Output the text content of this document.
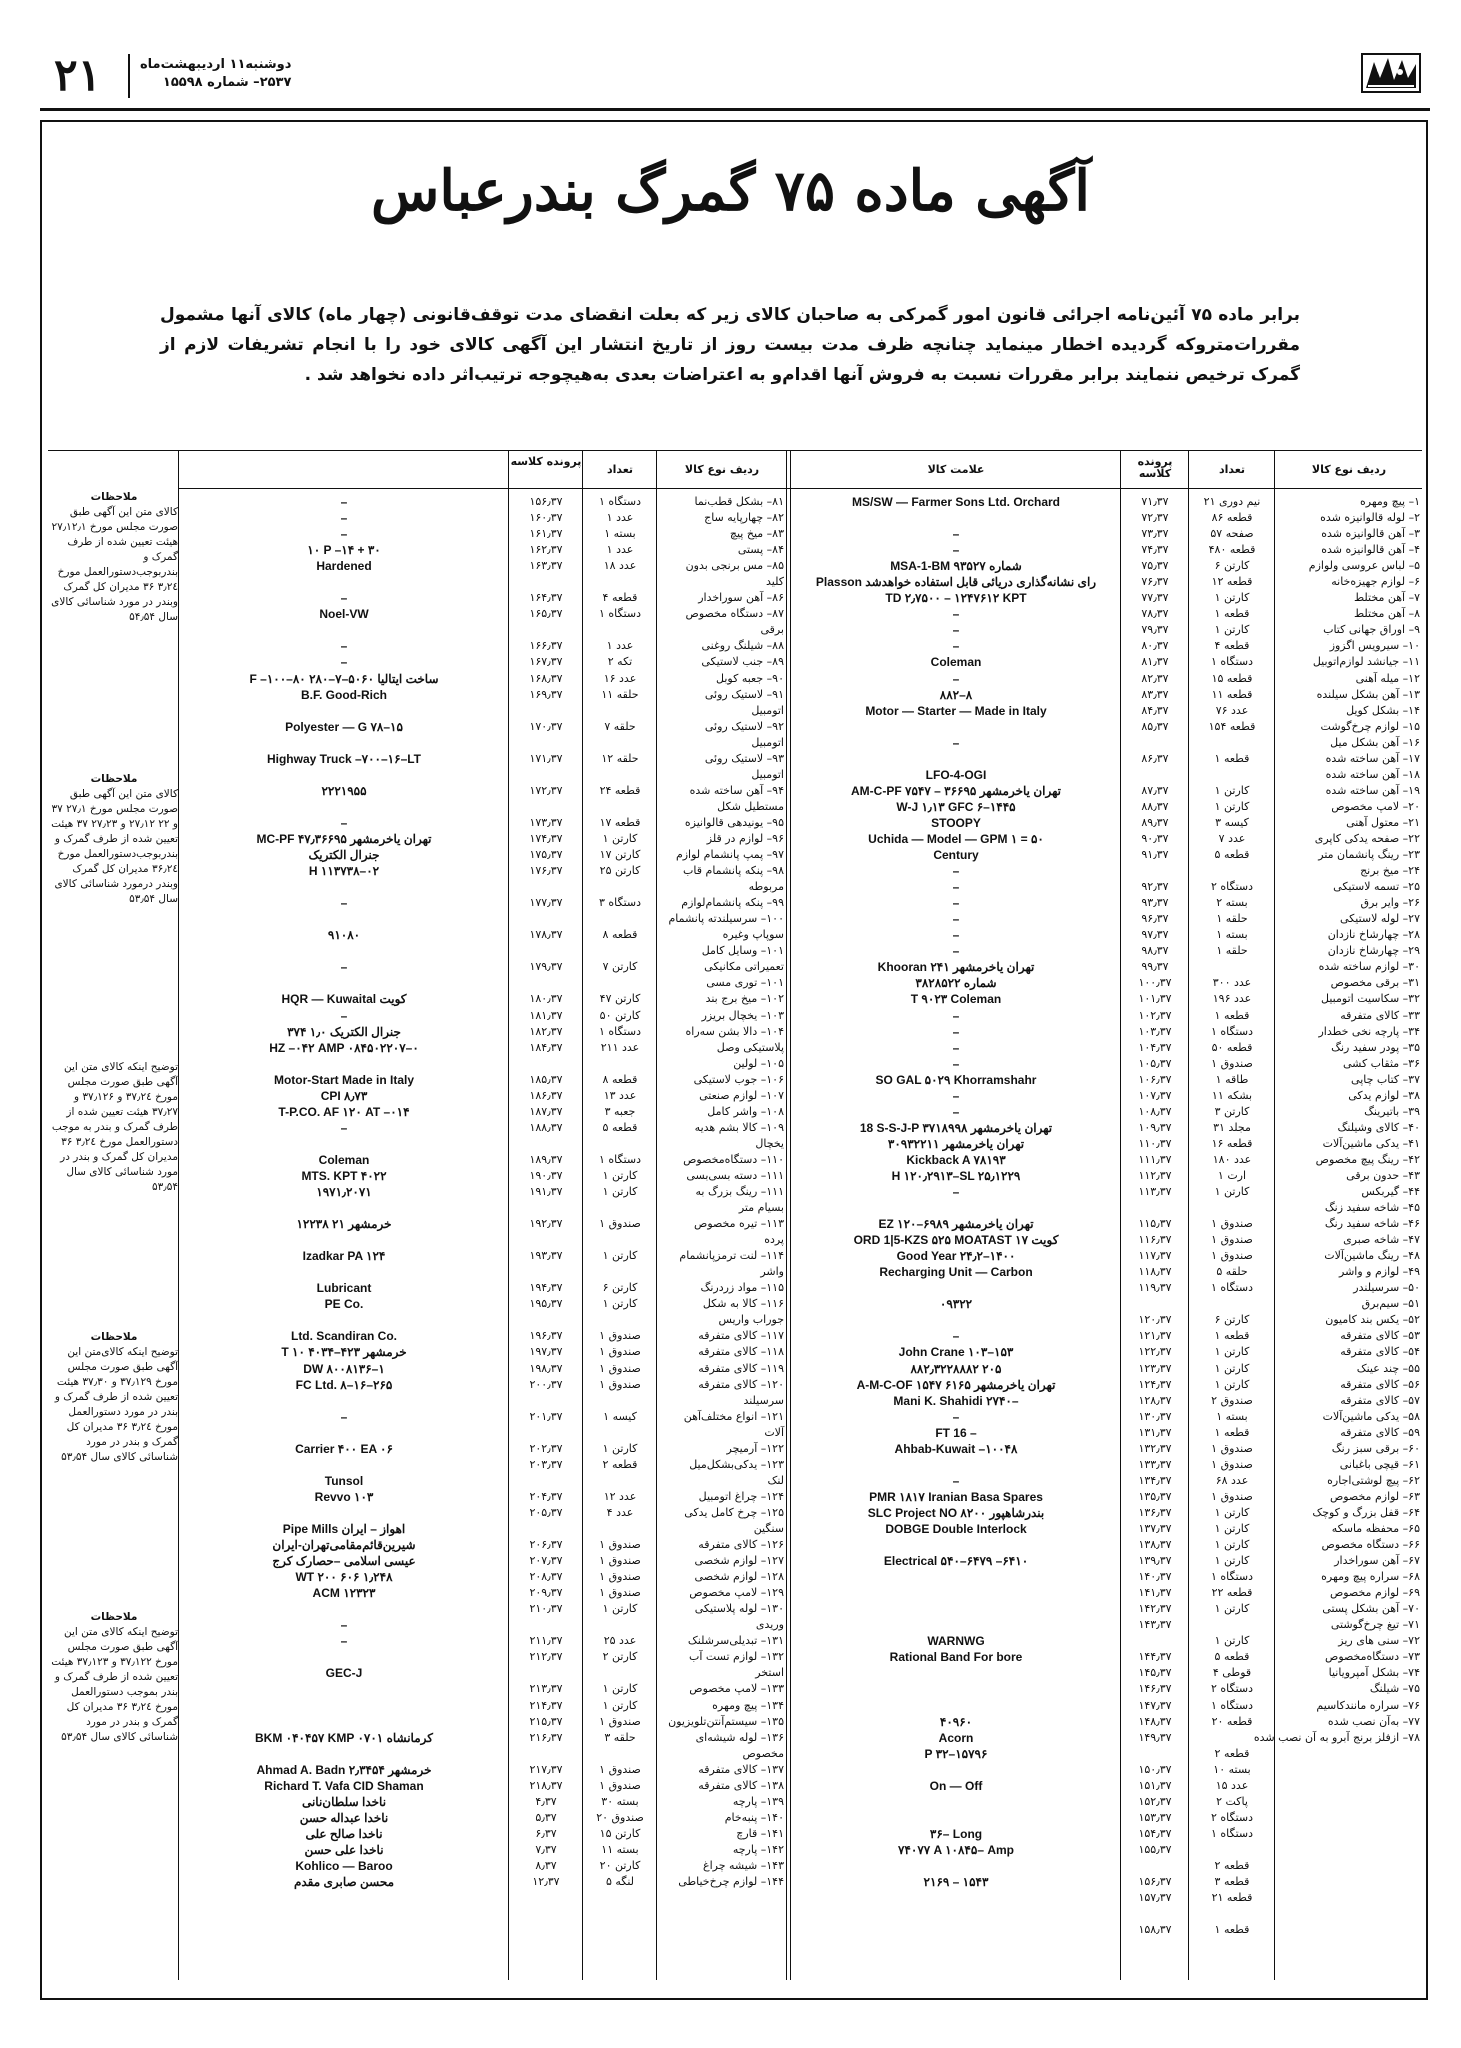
۲۱	دوشنبه۱۱ اردیبهشت‌ماه
۲۵۳۷– شماره ۱۵۵۹۸
آگهی ماده ۷۵ گمرگ بندرعباس
برابر ماده ۷۵ آئین‌نامه اجرائی قانون امور گمرکی به صاحبان کالای زیر که بعلت انقضای مدت توقف‌قانونی (چهار ماه) کالای آنها مشمول مقررات‌متروکه گردیده اخطار مینماید چنانچه ظرف مدت بیست روز از تاریخ انتشار این آگهی کالای خود را با انجام تشریفات لازم از گمرک ترخیص ننمایند برابر مقررات نسبت به فروش آنها اقدام‌و به اعتراضات بعدی به‌هیچوجه ترتیب‌اثر داده نخواهد شد .
ردیف نوع کالا
تعداد
پرونده کلاسه
علامت کالا
ردیف نوع کالا
تعداد
پرونده کلاسه
۱– پیچ ومهره
۲– لوله قالوانیزه شده
۳– آهن قالوانیزه شده
۴– آهن قالوانیزه شده
۵– لباس عروسی ولوازم
۶– لوازم جهیزه‌خانه
۷– آهن مختلط
۸– آهن مختلط
۹– اوراق جهانی کتاب
۱۰– سیرویس اگزوز
۱۱– جیانشد لوازم‌اتوبیل
۱۲– میله آهنی
۱۳– آهن بشکل سیلنده
۱۴– بشکل کویل
۱۵– لوازم چرخ‌گوشت
۱۶– آهن بشکل میل
۱۷– آهن ساخته شده
۱۸– آهن ساخته شده
۱۹– آهن ساخته شده
۲۰– لامپ مخصوص
۲۱– معتول آهنی
۲۲– صفحه یدکی کاپری
۲۳– رینگ پانشمان متر
۲۴– میخ برنج
۲۵– تسمه لاستیکی
۲۶– وایر برق
۲۷– لوله لاستیکی
۲۸– چهارشاخ نازدان
۲۹– چهارشاخ نازدان
۳۰– لوازم ساخته شده
۳۱– برقی مخصوص
۳۲– سکاسیت اتومبیل
۳۳– کالای متفرقه
۳۴– پارچه نخی خطدار
۳۵– پودر سفید رنگ
۳۶– مثقاب کشی
۳۷– کتاب چاپی
۳۸– لوازم یدکی
۳۹– باتیرینگ
۴۰– کالای وشیلنگ
۴۱– یدکی ماشین‌آلات
۴۲– رینگ پیچ مخصوص
۴۳– حدون برقی
۴۴– گیربکس
۴۵– شاخه سفید زنگ
۴۶– شاخه سفید رنگ
۴۷– شاخه صبری
۴۸– رینگ ماشین‌آلات
۴۹– لوازم و واشر
۵۰– سرسیلندر
۵۱– سیم‌برق
۵۲– یکس بند کامیون
۵۳– کالای متفرقه
۵۴– کالای متفرقه
۵۵– چند عینک
۵۶– کالای متفرقه
۵۷– کالای متفرقه
۵۸– یدکی ماشین‌آلات
۵۹– کالای متفرقه
۶۰– برقی سبز رنگ
۶۱– قیچی باغبانی
۶۲– پیچ لوشتی‌اجاره
۶۳– لوازم مخصوص
۶۴– قفل بزرگ و کوچک
۶۵– محفظه ماسکه
۶۶– دستگاه مخصوص
۶۷– آهن سوراخدار
۶۸– سراره پیچ ومهره
۶۹– لوازم مخصوص
۷۰– آهن بشکل پستی
۷۱– تیغ چرخ‌گوشتی
۷۲– سنی های ریز
۷۳– دستگاه‌مخصوص
۷۴– بشکل آمپرویانیا
۷۵– شیلنگ
۷۶– سراره مانند‌کاسیم
۷۷– به‌آن نصب شده
۷۸– ازفلز برنج آبرو به آن نصب شده
۲۱ نیم دوری
۸۶ قطعه
۵۷ صفحه
۴۸۰ قطعه
۶ کارتن
۱۲ قطعه
۱ کارتن
۱ قطعه
۱ کارتن
۴ قطعه
۱ دستگاه
۱۵ قطعه
۱۱ قطعه
۷۶ عدد
۱۵۴ قطعه
۱ قطعه
۱ کارتن
۱ کارتن
۳ کیسه
۷ عدد
۵ قطعه
۲ دستگاه
۲ بسته
۱ حلقه
۱ بسته
۱ حلقه
۳۰۰ عدد
۱۹۶ عدد
۱ قطعه
۱ دستگاه
۵۰ قطعه
۱ صندوق
۱ طاقه
۱۱ بشکه
۳ کارتن
۳۱ مجلد
۱۶ قطعه
۱۸۰ عدد
۱ ارت
۱ کارتن
۱ صندوق
۱ صندوق
۱ صندوق
۵ حلقه
۱ دستگاه
۶ کارتن
۱ قطعه
۱ کارتن
۱ کارتن
۱ کارتن
۲ صندوق
۱ بسته
۱ قطعه
۱ صندوق
۱ صندوق
۶۸ عدد
۱ صندوق
۱ کارتن
۱ کارتن
۱ کارتن
۱ کارتن
۱ دستگاه
۲۲ قطعه
۱ کارتن
۱ کارتن
۵ قطعه
۴ قوطی
۲ دستگاه
۱ دستگاه
۲۰ قطعه
۲ قطعه
۱۰ بسته
۱۵ عدد
۲ پاکت
۲ دستگاه
۱ دستگاه
۲ قطعه
۳ قطعه
۲۱ قطعه
۱ قطعه
۷۱٫۳۷
۷۲٫۳۷
۷۳٫۳۷
۷۴٫۳۷
۷۵٫۳۷
۷۶٫۳۷
۷۷٫۳۷
۷۸٫۳۷
۷۹٫۳۷
۸۰٫۳۷
۸۱٫۳۷
۸۲٫۳۷
۸۳٫۳۷
۸۴٫۳۷
۸۵٫۳۷
۸۶٫۳۷
۸۷٫۳۷
۸۸٫۳۷
۸۹٫۳۷
۹۰٫۳۷
۹۱٫۳۷
۹۲٫۳۷
۹۳٫۳۷
۹۶٫۳۷
۹۷٫۳۷
۹۸٫۳۷
۹۹٫۳۷
۱۰۰٫۳۷
۱۰۱٫۳۷
۱۰۲٫۳۷
۱۰۳٫۳۷
۱۰۴٫۳۷
۱۰۵٫۳۷
۱۰۶٫۳۷
۱۰۷٫۳۷
۱۰۸٫۳۷
۱۰۹٫۳۷
۱۱۰٫۳۷
۱۱۱٫۳۷
۱۱۲٫۳۷
۱۱۳٫۳۷
۱۱۵٫۳۷
۱۱۶٫۳۷
۱۱۷٫۳۷
۱۱۸٫۳۷
۱۱۹٫۳۷
۱۲۰٫۳۷
۱۲۱٫۳۷
۱۲۲٫۳۷
۱۲۳٫۳۷
۱۲۴٫۳۷
۱۲۸٫۳۷
۱۳۰٫۳۷
۱۳۱٫۳۷
۱۳۲٫۳۷
۱۳۳٫۳۷
۱۳۴٫۳۷
۱۳۵٫۳۷
۱۳۶٫۳۷
۱۳۷٫۳۷
۱۳۸٫۳۷
۱۳۹٫۳۷
۱۴۰٫۳۷
۱۴۱٫۳۷
۱۴۲٫۳۷
۱۴۳٫۳۷
۱۴۴٫۳۷
۱۴۵٫۳۷
۱۴۶٫۳۷
۱۴۷٫۳۷
۱۴۸٫۳۷
۱۴۹٫۳۷
۱۵۰٫۳۷
۱۵۱٫۳۷
۱۵۲٫۳۷
۱۵۳٫۳۷
۱۵۴٫۳۷
۱۵۵٫۳۷
۱۵۶٫۳۷
۱۵۷٫۳۷
۱۵۸٫۳۷
MS/SW — Farmer Sons Ltd. Orchard
–
–
MSA-1-BM ۹۳۵۲۷ شماره
Plasson رای نشانه‌گذاری دریائی قابل استفاده خواهدشد
TD ۲٫۷۵۰۰ – ۱۲۴۷۶۱۲ KPT
–
–
–
Coleman
–
۸۸۲–۸
Motor — Starter — Made in Italy
–
LFO-4-OGI
AM-C-PF ۷۵۴۷ – ۳۶۶۹۵ تهران یاخرمشهر
W-J ۱٫۱۳ GFC ۶–۱۴۴۵
STOOPY
Uchida — Model — GPM ۱ = ۵۰
Century
–
–
–
–
–
–
Khooran ۲۴۱ تهران یاخرمشهر
۳۸۲۸۵۲۲ شماره
T ۹۰۲۳ Coleman
–
–
–
–
SO GAL ۵۰۲۹ Khorramshahr
–
–
18 S-S-J-P ۳۷۱۸۹۹۸ تهران یاخرمشهر
۳۰۹۳۲۲۱۱ تهران یاخرمشهر
Kickback A ۷۸۱۹۳
H ۱۲۰٫۲۹۱۳–SL ۲۵٫۱۲۲۹
–
EZ ۱۲۰–۶۹۸۹ تهران یاخرمشهر
ORD 1|5-KZS ۵۲۵ MOATAST ۱۷ کویت
Good Year ۲۴٫۲–۱۴۰۰
Recharging Unit — Carbon
۰۹۳۲۲
–
John Crane ۱۰۳–۱۵۳
۸۸۲٫۳۲۲۸۸۸۲ ۲۰۵
A-M-C-OF ۱۵۴۷ ۶۱۶۵ تهران یاخرمشهر
Mani K. Shahidi ۲۷۴۰–
–
FT 16 –
Ahbab-Kuwait –۱۰۰۴۸
–
PMR ۱۸۱۷ Iranian Basa Spares
SLC Project NO ۸۲۰۰ بندرشاهپور
DOBGE Double Interlock
Electrical ۵۴۰–۶۴۷۹ –۶۴۱۰
WARNWG
Rational Band For bore
۴۰۹۶۰
Acorn
P ۳۲–۱۵۷۹۶
On — Off
۳۶– Long
۷۴۰۷۷ A ۱۰۸۴۵– Amp
۲۱۶۹ – ۱۵۴۳
۸۱– بشکل قطب‌نما
۸۲– چهارپایه ساج
۸۳– میخ پیچ
۸۴– پستی
۸۵– مس برنجی بدون
کلید
۸۶– آهن سوراخدار
۸۷– دستگاه مخصوص
برقی
۸۸– شیلنگ روغنی
۸۹– جنب لاستیکی
۹۰– جعبه کوبل
۹۱– لاستیک روئی
اتومبیل
۹۲– لاستیک روئی
اتومبیل
۹۳– لاستیک روئی
اتومبیل
۹۴– آهن ساخته شده
مستطیل شکل
۹۵– یونیدهی قالوانیزه
۹۶– لوازم در قلز
۹۷– پمپ پانشمام لوازم
۹۸– پنکه پانشمام قاب
مربوطه
۹۹– پنکه پانشمام‌لوازم
۱۰۰– سرسیلندته پانشمام
سوپاپ وغیره
۱۰۱– وسایل کامل
تعمیراتی مکانیکی
۱۰۱– توری مسی
۱۰۲– میخ برج بند
۱۰۳– یخچال بریزر
۱۰۴– دالا بشن سه‌راه
پلاستیکی وصل
۱۰۵– لولین
۱۰۶– جوب لاستیکی
۱۰۷– لوازم صنعتی
۱۰۸– واشر کامل
۱۰۹– کالا بشم هدیه
یخچال
۱۱۰– دستگاه‌مخصوص
۱۱۱– دسته بسی‌بسی
۱۱۱– رینگ بزرگ به
بسیام متر
۱۱۳– تیره مخصوص
پرده
۱۱۴– لنت ترمزپانشمام
واشر
۱۱۵– مواد زردرنگ
۱۱۶– کالا به شکل
جوراب واریس
۱۱۷– کالای متفرقه
۱۱۸– کالای متفرقه
۱۱۹– کالای متفرقه
۱۲۰– کالای متفرقه
سرسیلند
۱۲۱– انواع مختلف‌آهن
آلات
۱۲۲– آرمیچر
۱۲۳– یدکی‌بشکل‌میل
لنک
۱۲۴– چراغ اتومبیل
۱۲۵– چرخ کامل یدکی
سنگین
۱۲۶– کالای متفرقه
۱۲۷– لوازم شخصی
۱۲۸– لوازم شخصی
۱۲۹– لامپ مخصوص
۱۳۰– لوله پلاستیکی
وریدی
۱۳۱– تبدیلی‌سرشلنک
۱۳۲– لوازم تست آب
استخر
۱۳۳– لامپ مخصوص
۱۳۴– پیچ ومهره
۱۳۵– سیستم‌آنتن‌تلویزیون
۱۳۶– لوله شیشه‌ای
مخصوص
۱۳۷– کالای متفرقه
۱۳۸– کالای متفرقه
۱۳۹– پارچه
۱۴۰– پنبه‌خام
۱۴۱– قارچ
۱۴۲– پارچه
۱۴۳– شیشه چراغ
۱۴۴– لوازم چرخ‌خیاطی
۱ دستگاه
۱ عدد
۱ بسته
۱ عدد
۱۸ عدد
۴ قطعه
۱ دستگاه
۱ عدد
۲ تکه
۱۶ عدد
۱۱ حلقه
۷ حلقه
۱۲ حلقه
۲۴ قطعه
۱۷ قطعه
۱ کارتن
۱۷ کارتن
۲۵ کارتن
۳ دستگاه
۸ قطعه
۷ کارتن
۴۷ کارتن
۵۰ کارتن
۱ دستگاه
۲۱۱ عدد
۸ قطعه
۱۳ عدد
۳ جعبه
۵ قطعه
۱ دستگاه
۱ کارتن
۱ کارتن
۱ صندوق
۱ کارتن
۶ کارتن
۱ کارتن
۱ صندوق
۱ صندوق
۱ صندوق
۱ صندوق
۱ کیسه
۱ کارتن
۲ قطعه
۱۲ عدد
۴ عدد
۱ صندوق
۱ صندوق
۱ صندوق
۱ صندوق
۱ کارتن
۲۵ عدد
۲ کارتن
۱ کارتن
۱ کارتن
۱ صندوق
۳ حلقه
۱ صندوق
۱ صندوق
۳۰ بسته
۲۰ صندوق
۱۵ کارتن
۱۱ بسته
۲۰ کارتن
۵ لنگه
۱۵۶٫۳۷
۱۶۰٫۳۷
۱۶۱٫۳۷
۱۶۲٫۳۷
۱۶۳٫۳۷
۱۶۴٫۳۷
۱۶۵٫۳۷
۱۶۶٫۳۷
۱۶۷٫۳۷
۱۶۸٫۳۷
۱۶۹٫۳۷
۱۷۰٫۳۷
۱۷۱٫۳۷
۱۷۲٫۳۷
۱۷۳٫۳۷
۱۷۴٫۳۷
۱۷۵٫۳۷
۱۷۶٫۳۷
۱۷۷٫۳۷
۱۷۸٫۳۷
۱۷۹٫۳۷
۱۸۰٫۳۷
۱۸۱٫۳۷
۱۸۲٫۳۷
۱۸۴٫۳۷
۱۸۵٫۳۷
۱۸۶٫۳۷
۱۸۷٫۳۷
۱۸۸٫۳۷
۱۸۹٫۳۷
۱۹۰٫۳۷
۱۹۱٫۳۷
۱۹۲٫۳۷
۱۹۳٫۳۷
۱۹۴٫۳۷
۱۹۵٫۳۷
۱۹۶٫۳۷
۱۹۷٫۳۷
۱۹۸٫۳۷
۲۰۰٫۳۷
۲۰۱٫۳۷
۲۰۲٫۳۷
۲۰۳٫۳۷
۲۰۴٫۳۷
۲۰۵٫۳۷
۲۰۶٫۳۷
۲۰۷٫۳۷
۲۰۸٫۳۷
۲۰۹٫۳۷
۲۱۰٫۳۷
۲۱۱٫۳۷
۲۱۲٫۳۷
۲۱۳٫۳۷
۲۱۴٫۳۷
۲۱۵٫۳۷
۲۱۶٫۳۷
۲۱۷٫۳۷
۲۱۸٫۳۷
۴٫۳۷
۵٫۳۷
۶٫۳۷
۷٫۳۷
۸٫۳۷
۱۲٫۳۷
–
–
–
۱۰ P –۱۴ + ۳۰
Hardened
–
Noel-VW
–
–
F –۱۰۰–۸۰ ساخت ایتالیا ۵۰۶۰–۷–۲۸۰
B.F. Good-Rich
Polyester — G ۷۸–۱۵
Highway Truck –۷۰۰–۱۶–LT
۲۲۲۱۹۵۵
–
MC-PF ۴۷٫۳۶۶۹۵ تهران یاخرمشهر
جنرال الکتریک
H ۱۱۳۷۳۸–۰۲
–
۹۱۰۸۰
–
HQR — Kuwaital کویت
–
جنرال الکتریک ۱٫۰ ۳۷۴
HZ –۰۴۲ AMP ۰۸۴۵۰۲۲۰۷–۰
Motor-Start Made in Italy
CPI ۸٫۷۳
T-P.CO. AF ۱۲۰ AT –۰۱۴
–
Coleman
MTS. KPT ۴۰۲۲
۱۹۷۱٫۲۰۷۱
۱۲۲۳۸ خرمشهر ۲۱
Izadkar PA ۱۲۴
Lubricant
PE Co.
Ltd. Scandiran Co.
T ۱۰ ۴۰۳۴–۴۲۳ خرمشهر
DW ۸۰۰۸۱۳۶–۱
FC Ltd. ۸–۱۶–۲۶۵
–
Carrier ۴۰۰ EA ۰۶
Tunsol
Revvo ۱۰۳
Pipe Mills اهواز – ایران
شیرین‌قائم‌مقامی‌تهران-ایران
عیسی اسلامی –حصارک کرج
WT ۲۰۰ ۶۰۶ ۱٫۲۴۸
ACM ۱۲۳۲۳
–
–
GEC-J
BKM ۰۴۰۴۵۷ KMP کرمانشاه ۰۷۰۱
Ahmad A. Badn ۲٫۳۴۵۴ خرمشهر
Richard T. Vafa CID Shaman
ناخدا سلطان‌نانی
ناخدا عبداله حسن
ناخدا صالح علی
ناخدا علی حسن
Kohlico — Baroo
محسن صابری مقدم
ملاحظات
کالای متن این آگهی طبق صورت مجلس مورخ ۲۷٫۱۲٫۱ هیئت تعیین شده از طرف گمرک و بندربوجب‌دستورالعمل مورخ ۳٫۲٤ ۳۶ مدیران کل گمرک وبندر در مورد شناسائی کالای سال ۵۴٫۵۴
ملاحظات
کالای متن این آگهی طبق صورت مجلس مورخ ۲۷٫۱ ۳۷ و ۲۲ ۲۷٫۱۲ و ۲۷٫۲۳ ۳۷ هیئت تعیین شده از طرف گمرک و بندربوجب‌دستورالعمل مورخ ۳۶٫۲٤ مدیران کل گمرک وبندر درمورد شناسائی کالای سال ۵۳٫۵۴
توضیح اینکه کالای متن این آگهی طبق صورت مجلس مورخ ۳۷٫۲٤ و ۳۷٫۱۲۶ و ۳۷٫۲۷ هیئت تعیین شده از طرف گمرک و بندر به موجب دستورالعمل مورخ ۳٫۲٤ ۳۶ مدیران کل گمرک و بندر در مورد شناسائی کالای سال ۵۳٫۵۴
ملاحظات
توضیح اینکه کالای‌متن این آگهی طبق صورت مجلس مورخ ۳۷٫۱۲۹ و ۳۷٫۳۰ هیئت تعیین شده از طرف گمرک و بندر در مورد دستورالعمل مورخ ۳٫۲٤ ۳۶ مدیران کل گمرک و بندر در مورد شناسائی کالای سال ۵۳٫۵۴
ملاحظات
توضیح اینکه کالای متن این آگهی طبق صورت مجلس مورخ ۳۷٫۱۲۲ و ۳۷٫۱۲۳ هیئت تعیین شده از طرف گمرک و بندر بموجب دستورالعمل مورخ ۳٫۲٤ ۳۶ مدیران کل گمرک و بندر در مورد شناسائی کالای سال ۵۳٫۵۴
